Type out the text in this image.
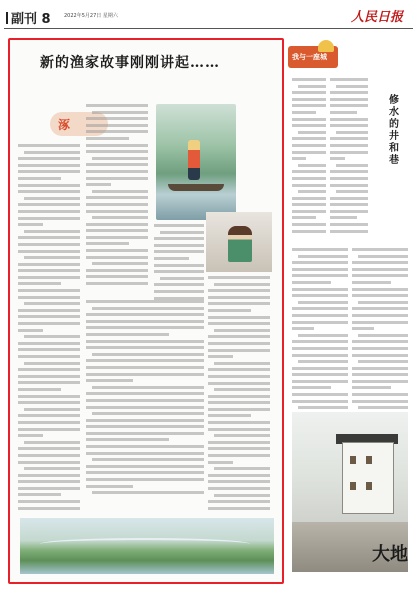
副刊 8	2022年5月27日 星期六	人民日报
新的渔家故事刚刚讲起……
涿
我与一座城
修
水
的
井
和
巷
大地
